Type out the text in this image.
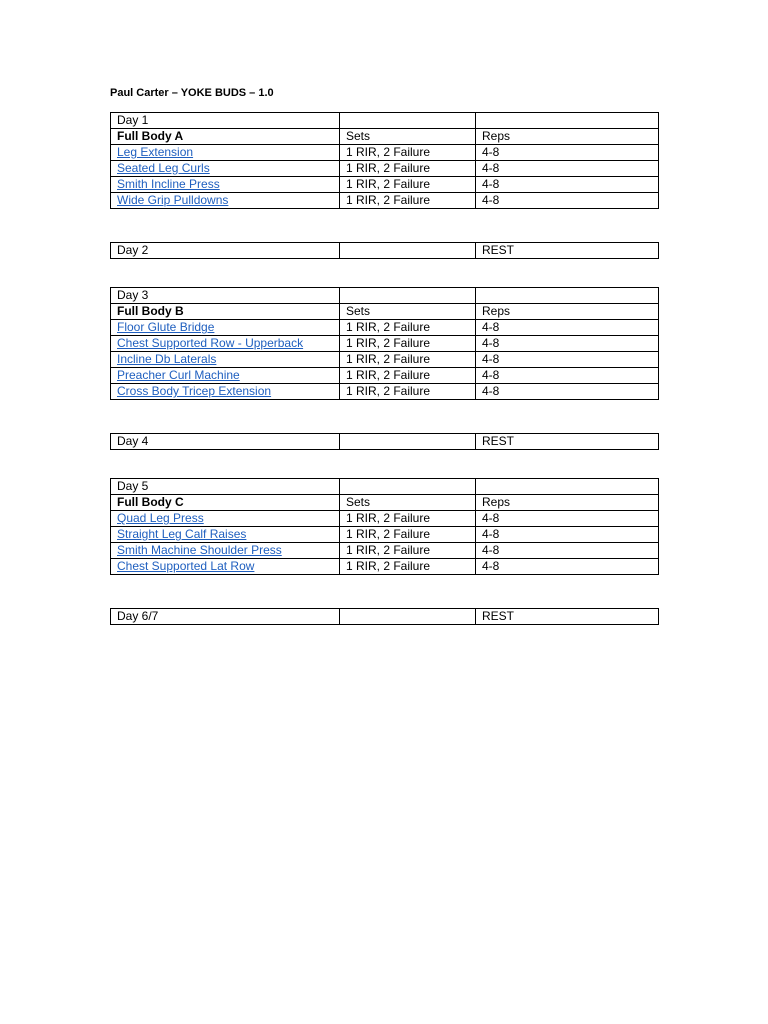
Paul Carter – YOKE BUDS – 1.0
Day 1		
Full Body A	Sets	Reps
Leg Extension	1 RIR, 2 Failure	4-8
Seated Leg Curls	1 RIR, 2 Failure	4-8
Smith Incline Press	1 RIR, 2 Failure	4-8
Wide Grip Pulldowns	1 RIR, 2 Failure	4-8
Day 2		REST
Day 3		
Full Body B	Sets	Reps
Floor Glute Bridge	1 RIR, 2 Failure	4-8
Chest Supported Row - Upperback	1 RIR, 2 Failure	4-8
Incline Db Laterals	1 RIR, 2 Failure	4-8
Preacher Curl Machine	1 RIR, 2 Failure	4-8
Cross Body Tricep Extension	1 RIR, 2 Failure	4-8
Day 4		REST
Day 5		
Full Body C	Sets	Reps
Quad Leg Press	1 RIR, 2 Failure	4-8
Straight Leg Calf Raises	1 RIR, 2 Failure	4-8
Smith Machine Shoulder Press	1 RIR, 2 Failure	4-8
Chest Supported Lat Row	1 RIR, 2 Failure	4-8
Day 6/7		REST
